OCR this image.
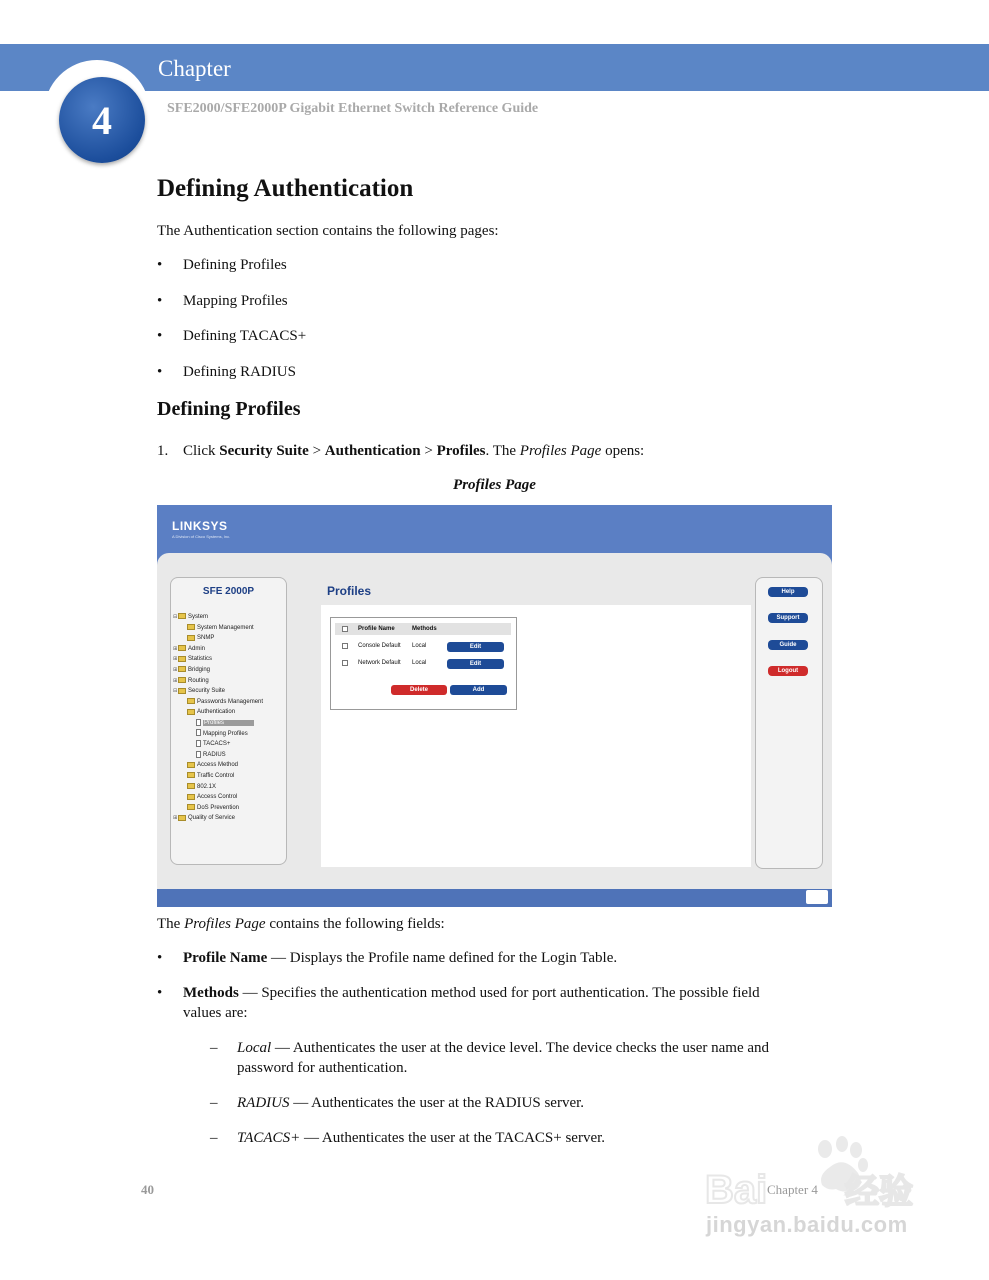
Chapter
4	SFE2000/SFE2000P Gigabit Ethernet Switch Reference Guide
Defining Authentication
The Authentication section contains the following pages:
• Defining Profiles
• Mapping Profiles
• Defining TACACS+
• Defining RADIUS
Defining Profiles
1. Click Security Suite > Authentication > Profiles. The Profiles Page opens:
Profiles Page
LINKSYS
A Division of Cisco Systems, Inc.
SFE 2000P
⊟ System
System Management
SNMP
⊞ Admin
⊞ Statistics
⊞ Bridging
⊞ Routing
⊟ Security Suite
Passwords Management
Authentication
Profiles
Mapping Profiles
TACACS+
RADIUS
Access Method
Traffic Control
802.1X
Access Control
DoS Prevention
⊞ Quality of Service
Profiles
Profile Name	Methods
Console Default Local	Edit
Network Default Local	Edit
Delete	Add
Help
Support
Guide
Logout
The Profiles Page contains the following fields:
• Profile Name — Displays the Profile name defined for the Login Table.
• Methods — Specifies the authentication method used for port authentication. The possible field
values are:
– Local — Authenticates the user at the device level. The device checks the user name and
password for authentication.
– RADIUS — Authenticates the user at the RADIUS server.
– TACACS+ — Authenticates the user at the TACACS+ server.
40	Chapter 4
Bai 经验
jingyan.baidu.com
